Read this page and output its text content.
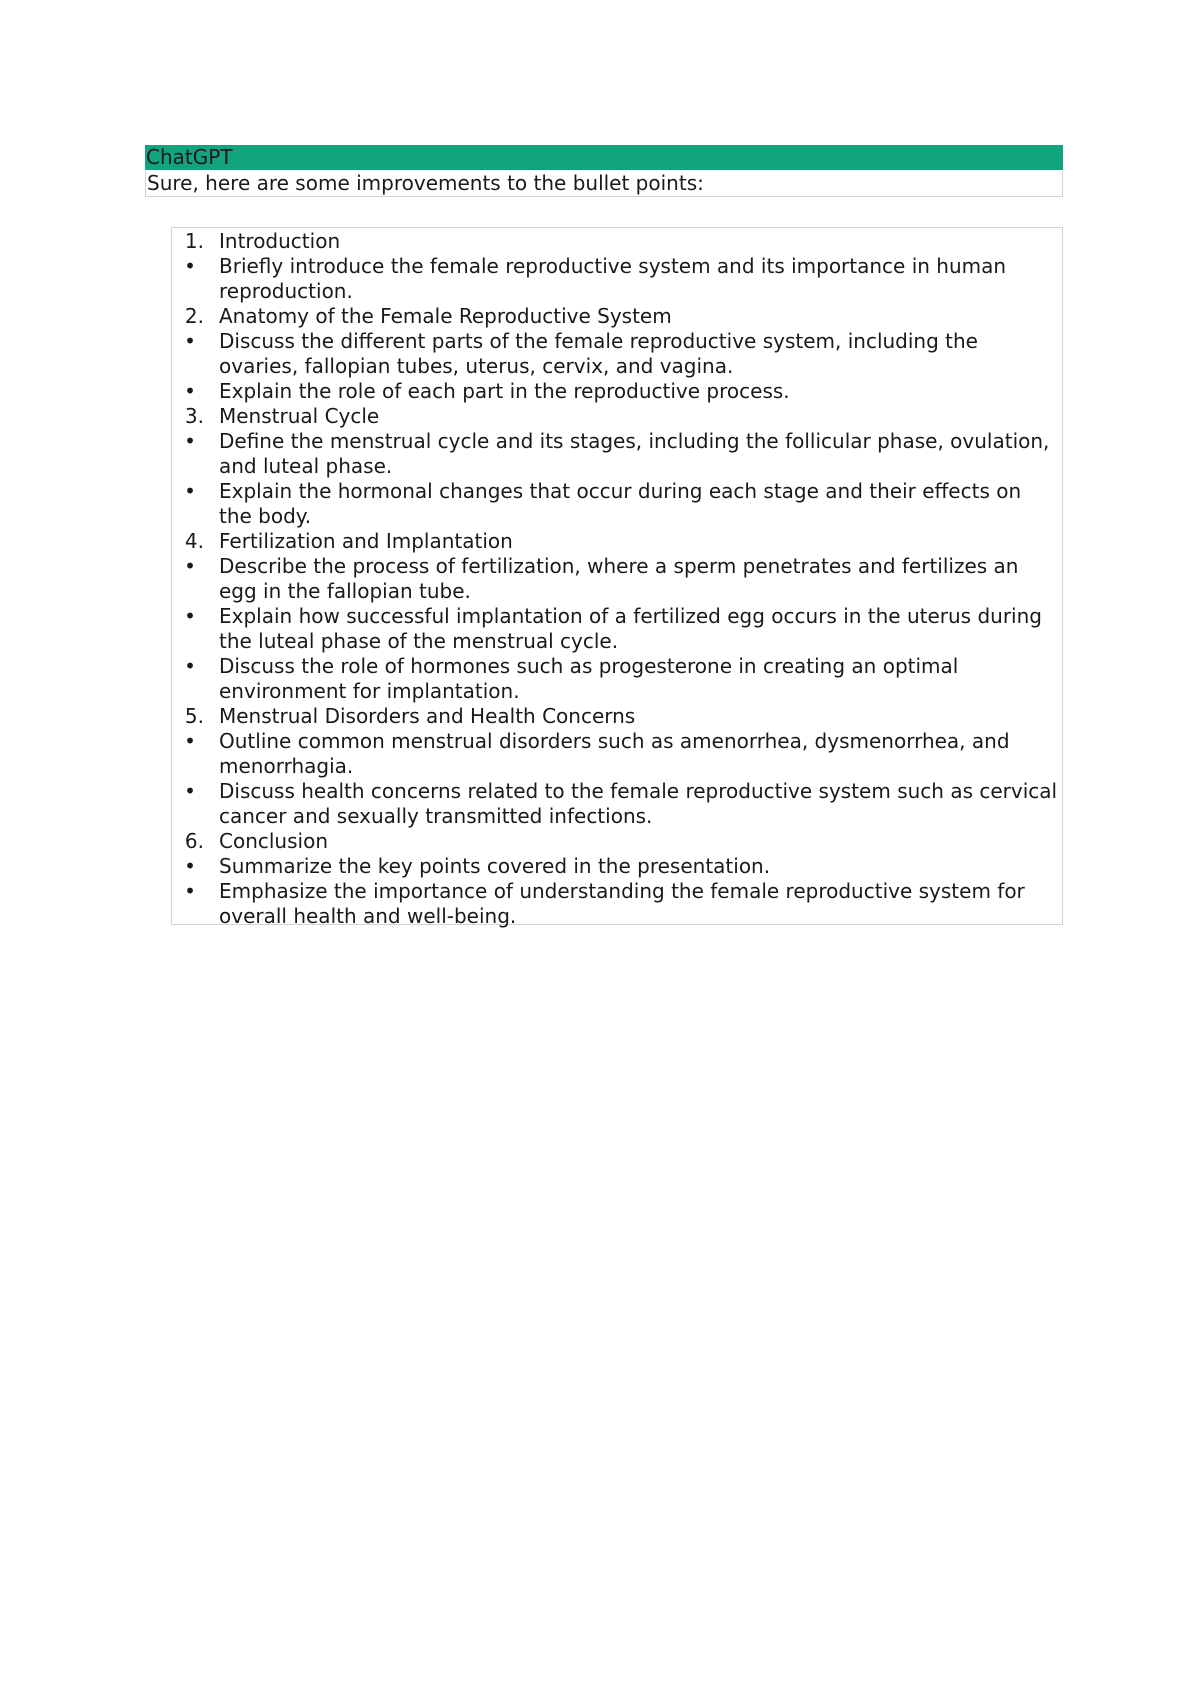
ChatGPT
Sure, here are some improvements to the bullet points:
1. Introduction
• Briefly introduce the female reproductive system and its importance in human reproduction.
2. Anatomy of the Female Reproductive System
• Discuss the different parts of the female reproductive system, including the ovaries, fallopian tubes, uterus, cervix, and vagina.
• Explain the role of each part in the reproductive process.
3. Menstrual Cycle
• Define the menstrual cycle and its stages, including the follicular phase, ovulation, and luteal phase.
• Explain the hormonal changes that occur during each stage and their effects on the body.
4. Fertilization and Implantation
• Describe the process of fertilization, where a sperm penetrates and fertilizes an egg in the fallopian tube.
• Explain how successful implantation of a fertilized egg occurs in the uterus during the luteal phase of the menstrual cycle.
• Discuss the role of hormones such as progesterone in creating an optimal environment for implantation.
5. Menstrual Disorders and Health Concerns
• Outline common menstrual disorders such as amenorrhea, dysmenorrhea, and menorrhagia.
• Discuss health concerns related to the female reproductive system such as cervical cancer and sexually transmitted infections.
6. Conclusion
• Summarize the key points covered in the presentation.
• Emphasize the importance of understanding the female reproductive system for overall health and well-being.
